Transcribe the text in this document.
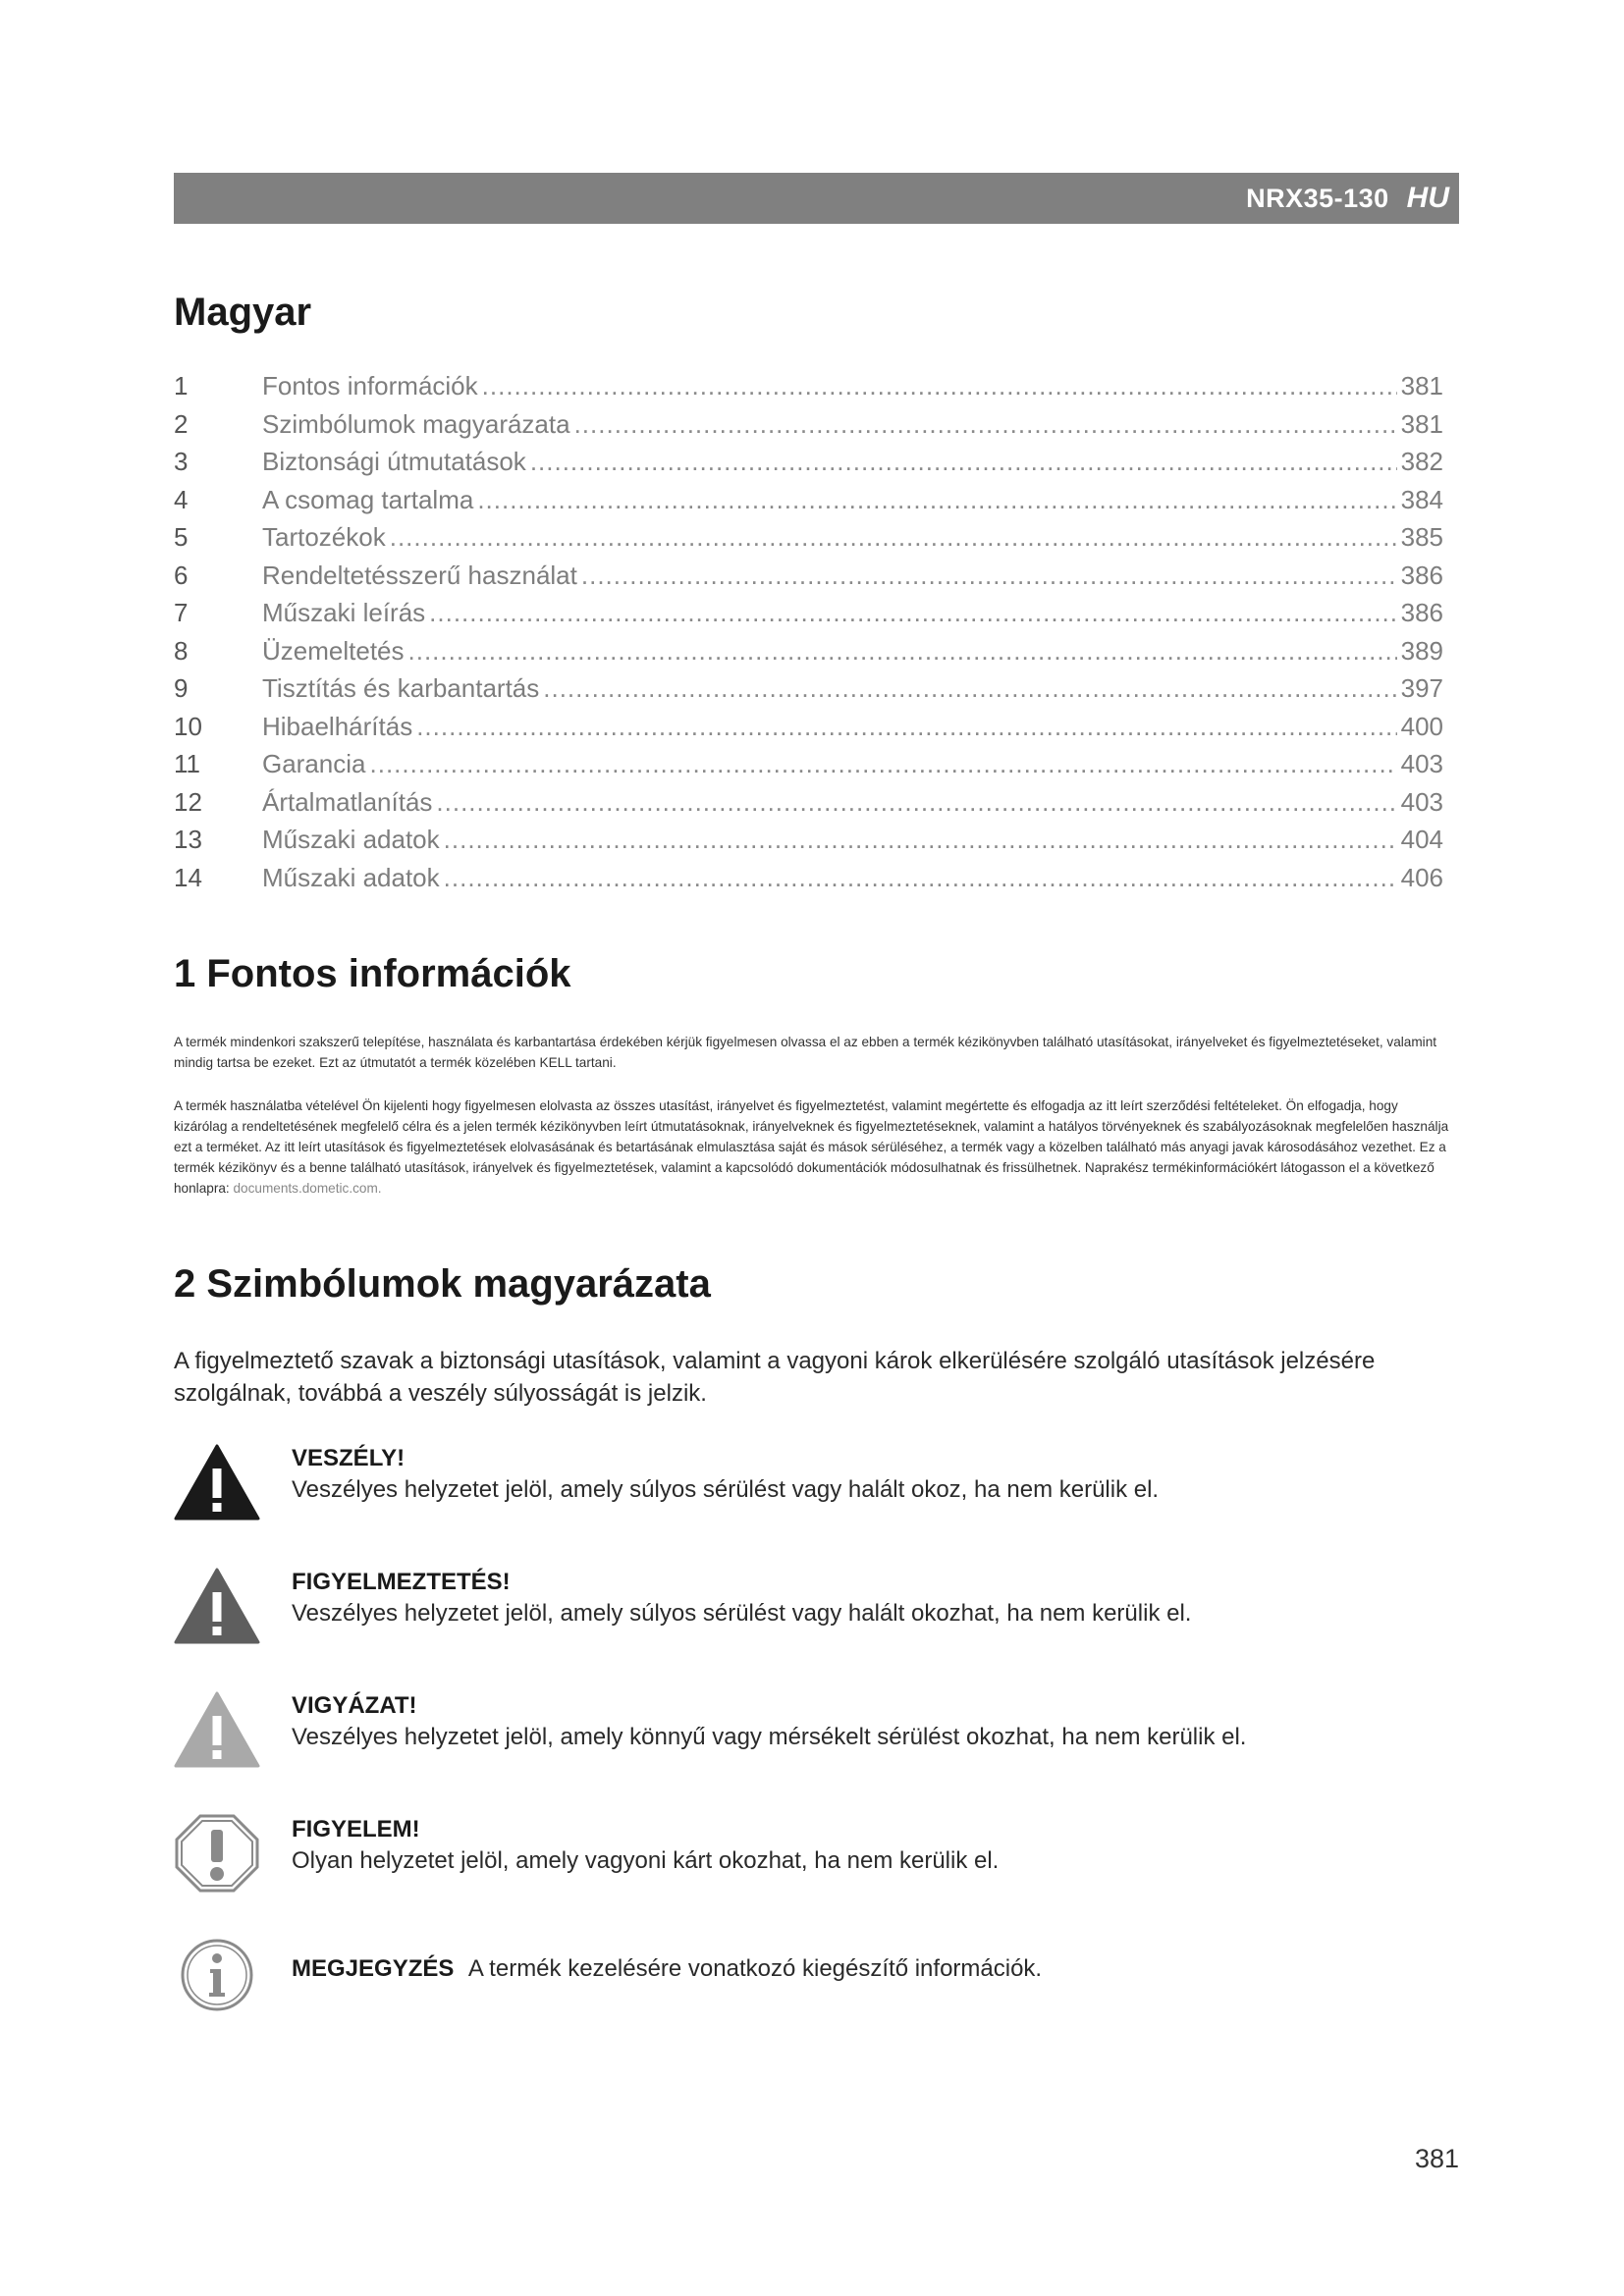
NRX35-130 HU
Magyar
1	Fontos információk .....	381
2	Szimbólumok magyarázata .....	381
3	Biztonsági útmutatások .....	382
4	A csomag tartalma .....	384
5	Tartozékok .....	385
6	Rendeltetésszerű használat .....	386
7	Műszaki leírás .....	386
8	Üzemeltetés .....	389
9	Tisztítás és karbantartás .....	397
10	Hibaelhárítás .....	400
11	Garancia .....	403
12	Ártalmatlanítás .....	403
13	Műszaki adatok .....	404
14	Műszaki adatok .....	406
1 Fontos információk

A termék mindenkori szakszerű telepítése, használata és karbantartása érdekében kérjük figyelmesen olvassa el az ebben a termék kézikönyvben található utasításokat, irányelveket és figyelmeztetéseket, valamint mindig tartsa be ezeket. Ezt az útmutatót a termék közelében KELL tartani.

A termék használatba vételével Ön kijelenti hogy figyelmesen elolvasta az összes utasítást, irányelvet és figyelmeztetést, valamint megértette és elfogadja az itt leírt szerződési feltételeket. Ön elfogadja, hogy kizárólag a rendeltetésének megfelelő célra és a jelen termék kézikönyvben leírt útmutatásoknak, irányelveknek és figyelmeztetéseknek, valamint a hatályos törvényeknek és szabályozásoknak megfelelően használja ezt a terméket. Az itt leírt utasítások és figyelmeztetések elolvasásának és betartásának elmulasztása saját és mások sérüléséhez, a termék vagy a közelben található más anyagi javak károsodásához vezethet. Ez a termék kézikönyv és a benne található utasítások, irányelvek és figyelmeztetések, valamint a kapcsolódó dokumentációk módosulhatnak és frissülhetnek. Naprakész termékinformációkért látogasson el a következő honlapra: documents.dometic.com.

2 Szimbólumok magyarázata

A figyelmeztető szavak a biztonsági utasítások, valamint a vagyoni károk elkerülésére szolgáló utasítások jelzésére szolgálnak, továbbá a veszély súlyosságát is jelzik.

VESZÉLY!
Veszélyes helyzetet jelöl, amely súlyos sérülést vagy halált okoz, ha nem kerülik el.
FIGYELMEZTETÉS!
Veszélyes helyzetet jelöl, amely súlyos sérülést vagy halált okozhat, ha nem kerülik el.
VIGYÁZAT!
Veszélyes helyzetet jelöl, amely könnyű vagy mérsékelt sérülést okozhat, ha nem kerülik el.
FIGYELEM!
Olyan helyzetet jelöl, amely vagyoni kárt okozhat, ha nem kerülik el.
MEGJEGYZÉS A termék kezelésére vonatkozó kiegészítő információk.
381
